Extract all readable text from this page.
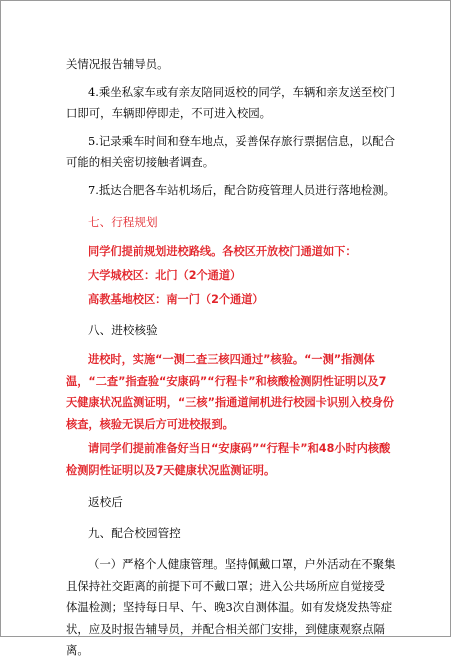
关情况报告辅导员。

4.乘坐私家车或有亲友陪同返校的同学，车辆和亲友送至校门口即可，车辆即停即走，不可进入校园。

5.记录乘车时间和登车地点，妥善保存旅行票据信息，以配合可能的相关密切接触者调查。

7.抵达合肥各车站机场后，配合防疫管理人员进行落地检测。

七、行程规划

同学们提前规划进校路线。各校区开放校门通道如下：

大学城校区：北门（2个通道）

高教基地校区：南一门（2个通道）

八、进校核验

进校时，实施“一测二查三核四通过”核验。“一测”指测体温，“二查”指查验“安康码”“行程卡”和核酸检测阴性证明以及7天健康状况监测证明，“三核”指通道闸机进行校园卡识别入校身份核查，核验无误后方可进校报到。

请同学们提前准备好当日“安康码”“行程卡”和48小时内核酸检测阴性证明以及7天健康状况监测证明。

返校后

九、配合校园管控

（一）严格个人健康管理。坚持佩戴口罩，户外活动在不聚集且保持社交距离的前提下可不戴口罩；进入公共场所应自觉接受体温检测；坚持每日早、午、晚3次自测体温。如有发烧发热等症状，应及时报告辅导员，并配合相关部门安排，到健康观察点隔离。
